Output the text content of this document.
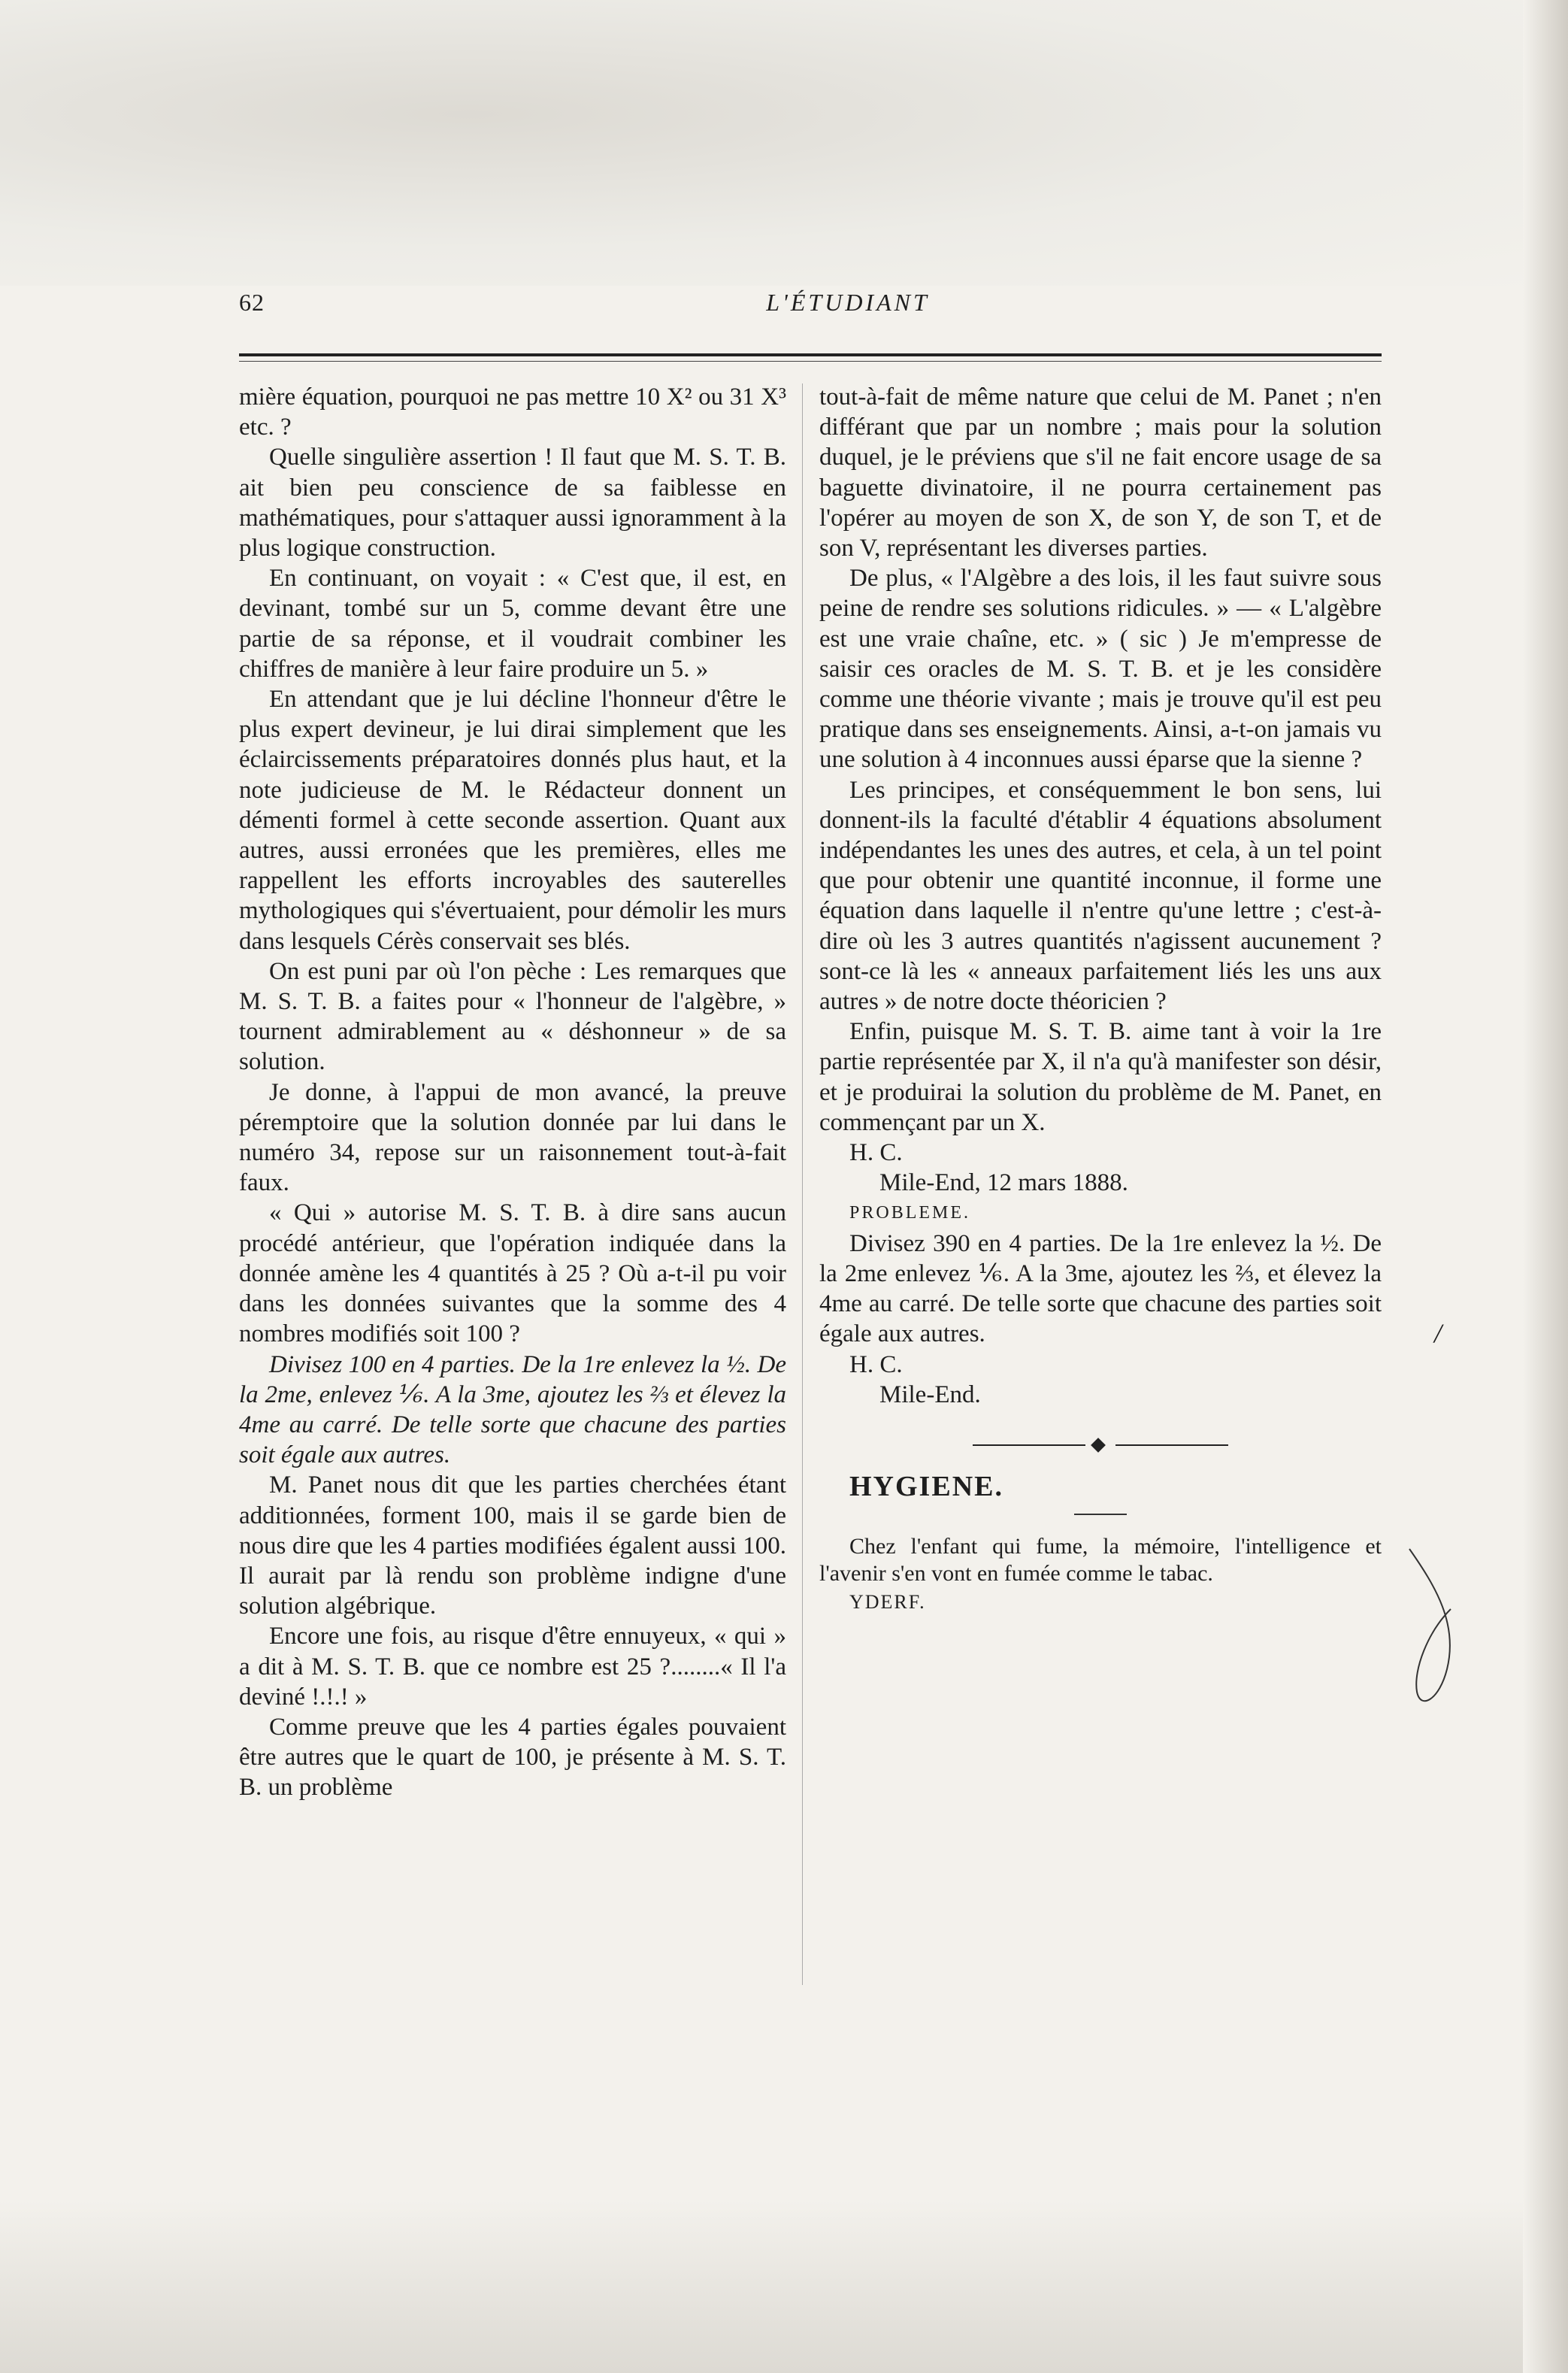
62	L'ÉTUDIANT

mière équation, pourquoi ne pas mettre 10 X² ou 31 X³ etc. ?

Quelle singulière assertion ! Il faut que M. S. T. B. ait bien peu conscience de sa faiblesse en mathématiques, pour s'attaquer aussi ignoramment à la plus logique construction.

En continuant, on voyait : « C'est que, il est, en devinant, tombé sur un 5, comme devant être une partie de sa réponse, et il voudrait combiner les chiffres de manière à leur faire produire un 5. »

En attendant que je lui décline l'honneur d'être le plus expert devineur, je lui dirai simplement que les éclaircissements préparatoires donnés plus haut, et la note judicieuse de M. le Rédacteur donnent un démenti formel à cette seconde assertion. Quant aux autres, aussi erronées que les premières, elles me rappellent les efforts incroyables des sauterelles mythologiques qui s'évertuaient, pour démolir les murs dans lesquels Cérès conservait ses blés.

On est puni par où l'on pèche : Les remarques que M. S. T. B. a faites pour « l'honneur de l'algèbre, » tournent admirablement au « déshonneur » de sa solution.

Je donne, à l'appui de mon avancé, la preuve péremptoire que la solution donnée par lui dans le numéro 34, repose sur un raisonnement tout-à-fait faux.

« Qui » autorise M. S. T. B. à dire sans aucun procédé antérieur, que l'opération indiquée dans la donnée amène les 4 quantités à 25 ? Où a-t-il pu voir dans les données suivantes que la somme des 4 nombres modifiés soit 100 ?

Divisez 100 en 4 parties. De la 1re enlevez la ½. De la 2me, enlevez ⅙. A la 3me, ajoutez les ⅔ et élevez la 4me au carré. De telle sorte que chacune des parties soit égale aux autres.

M. Panet nous dit que les parties cherchées étant additionnées, forment 100, mais il se garde bien de nous dire que les 4 parties modifiées égalent aussi 100. Il aurait par là rendu son problème indigne d'une solution algébrique.

Encore une fois, au risque d'être ennuyeux, « qui » a dit à M. S. T. B. que ce nombre est 25 ?........« Il l'a deviné !.!.! »

Comme preuve que les 4 parties égales pouvaient être autres que le quart de 100, je présente à M. S. T. B. un problème

tout-à-fait de même nature que celui de M. Panet ; n'en différant que par un nombre ; mais pour la solution duquel, je le préviens que s'il ne fait encore usage de sa baguette divinatoire, il ne pourra certainement pas l'opérer au moyen de son X, de son Y, de son T, et de son V, représentant les diverses parties.

De plus, « l'Algèbre a des lois, il les faut suivre sous peine de rendre ses solutions ridicules. » — « L'algèbre est une vraie chaîne, etc. » ( sic ) Je m'empresse de saisir ces oracles de M. S. T. B. et je les considère comme une théorie vivante ; mais je trouve qu'il est peu pratique dans ses enseignements. Ainsi, a-t-on jamais vu une solution à 4 inconnues aussi éparse que la sienne ?

Les principes, et conséquemment le bon sens, lui donnent-ils la faculté d'établir 4 équations absolument indépendantes les unes des autres, et cela, à un tel point que pour obtenir une quantité inconnue, il forme une équation dans laquelle il n'entre qu'une lettre ; c'est-à-dire où les 3 autres quantités n'agissent aucunement ? sont-ce là les « anneaux parfaitement liés les uns aux autres » de notre docte théoricien ?

Enfin, puisque M. S. T. B. aime tant à voir la 1re partie représentée par X, il n'a qu'à manifester son désir, et je produirai la solution du problème de M. Panet, en commençant par un X.

H. C.

Mile-End, 12 mars 1888.

PROBLEME.

Divisez 390 en 4 parties. De la 1re enlevez la ½. De la 2me enlevez ⅙. A la 3me, ajoutez les ⅔, et élevez la 4me au carré. De telle sorte que chacune des parties soit égale aux autres.

H. C.

Mile-End.

HYGIENE.

Chez l'enfant qui fume, la mémoire, l'intelligence et l'avenir s'en vont en fumée comme le tabac.

YDERF.

/
